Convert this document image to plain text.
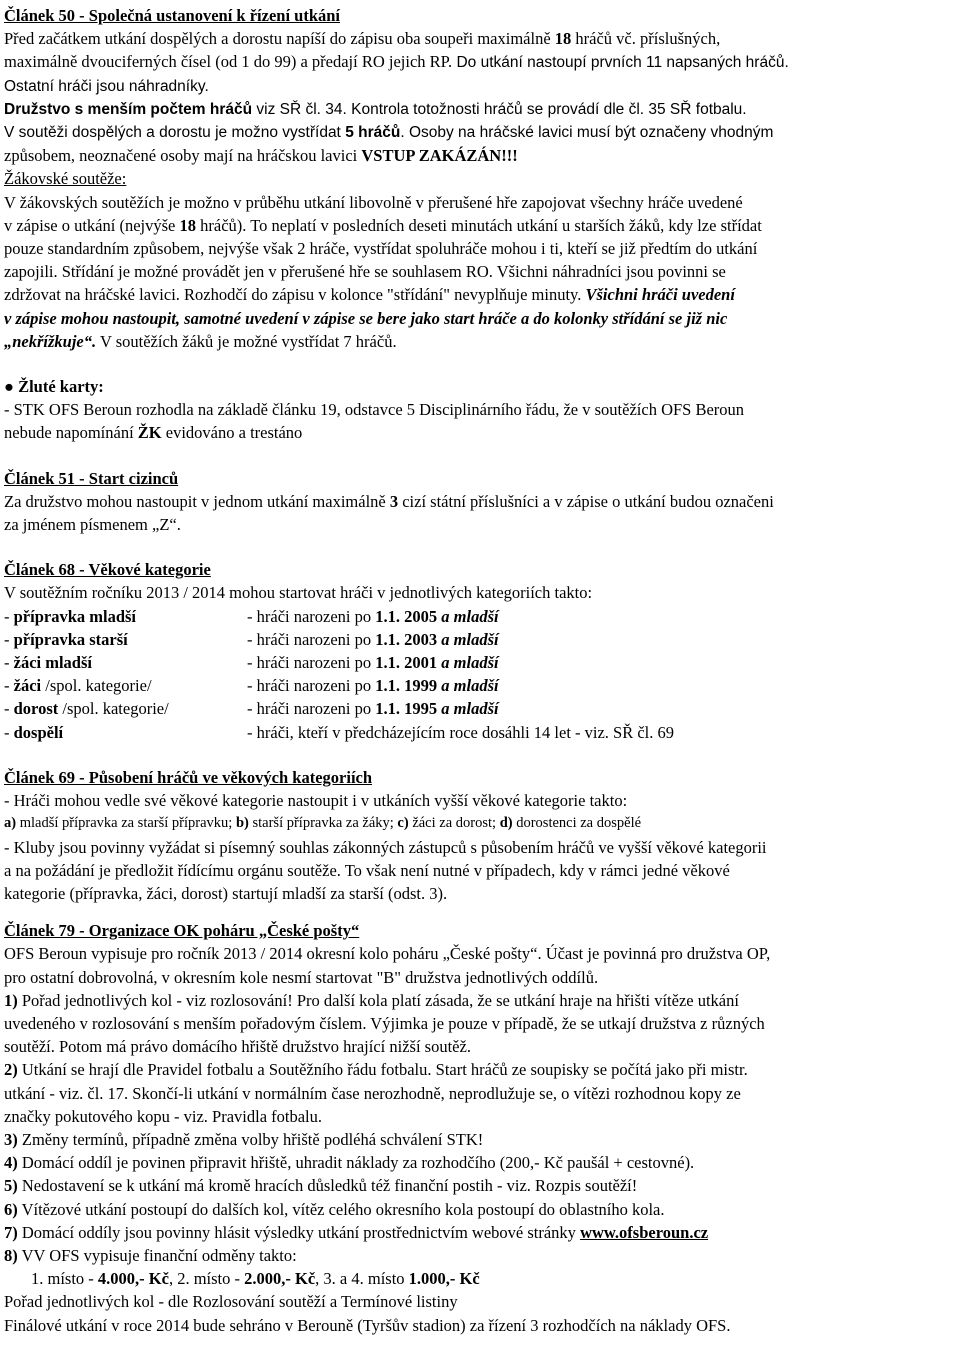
Článek 50 - Společná ustanovení k řízení utkání

Před začátkem utkání dospělých a dorostu napíší do zápisu oba soupeři maximálně 18 hráčů vč. příslušných,

maximálně dvouciferných čísel (od 1 do 99) a předají RO jejich RP. Do utkání nastoupí prvních 11 napsaných hráčů.

Ostatní hráči jsou náhradníky.

Družstvo s menším počtem hráčů viz SŘ čl. 34. Kontrola totožnosti hráčů se provádí dle čl. 35 SŘ fotbalu.

V soutěži dospělých a dorostu je možno vystřídat 5 hráčů. Osoby na hráčské lavici musí být označeny vhodným

způsobem, neoznačené osoby mají na hráčskou lavici VSTUP ZAKÁZÁN!!!

Žákovské soutěže:

V žákovských soutěžích je možno v průběhu utkání libovolně v přerušené hře zapojovat všechny hráče uvedené

v zápise o utkání (nejvýše 18 hráčů). To neplatí v posledních deseti minutách utkání u starších žáků, kdy lze střídat

pouze standardním způsobem, nejvýše však 2 hráče, vystřídat spoluhráče mohou i ti, kteří se již předtím do utkání

zapojili. Střídání je možné provádět jen v přerušené hře se souhlasem RO. Všichni náhradníci jsou povinni se

zdržovat na hráčské lavici. Rozhodčí do zápisu v kolonce "střídání" nevyplňuje minuty. Všichni hráči uvedení

v zápise mohou nastoupit, samotné uvedení v zápise se bere jako start hráče a do kolonky střídání se již nic

„nekřížkuje“. V soutěžích žáků je možné vystřídat 7 hráčů.

● Žluté karty:

- STK OFS Beroun rozhodla na základě článku 19, odstavce 5 Disciplinárního řádu, že v soutěžích OFS Beroun

nebude napomínání ŽK evidováno a trestáno

Článek 51 - Start cizinců

Za družstvo mohou nastoupit v jednom utkání maximálně 3 cizí státní příslušníci a v zápise o utkání budou označeni

za jménem písmenem „Z“.

Článek 68 - Věkové kategorie

V soutěžním ročníku 2013 / 2014 mohou startovat hráči v jednotlivých kategoriích takto:

- přípravka mladší	- hráči narozeni po 1.1. 2005 a mladší
- přípravka starší	- hráči narozeni po 1.1. 2003 a mladší
- žáci mladší	- hráči narozeni po 1.1. 2001 a mladší
- žáci /spol. kategorie/	- hráči narozeni po 1.1. 1999 a mladší
- dorost /spol. kategorie/	- hráči narozeni po 1.1. 1995 a mladší
- dospělí	- hráči, kteří v předcházejícím roce dosáhli 14 let - viz. SŘ čl. 69

Článek 69 - Působení hráčů ve věkových kategoriích

- Hráči mohou vedle své věkové kategorie nastoupit i v utkáních vyšší věkové kategorie takto:

a) mladší přípravka za starší přípravku; b) starší přípravka za žáky; c) žáci za dorost; d) dorostenci za dospělé

- Kluby jsou povinny vyžádat si písemný souhlas zákonných zástupců s působením hráčů ve vyšší věkové kategorii

a na požádání je předložit řídícímu orgánu soutěže. To však není nutné v případech, kdy v rámci jedné věkové

kategorie (přípravka, žáci, dorost) startují mladší za starší (odst. 3).

Článek 79 - Organizace OK poháru „České pošty“

OFS Beroun vypisuje pro ročník 2013 / 2014 okresní kolo poháru „České pošty“. Účast je povinná pro družstva OP,

pro ostatní dobrovolná, v okresním kole nesmí startovat "B" družstva jednotlivých oddílů.

1) Pořad jednotlivých kol - viz rozlosování! Pro další kola platí zásada, že se utkání hraje na hřišti vítěze utkání

uvedeného v rozlosování s menším pořadovým číslem. Výjimka je pouze v případě, že se utkají družstva z různých

soutěží. Potom má právo domácího hřiště družstvo hrající nižší soutěž.

2) Utkání se hrají dle Pravidel fotbalu a Soutěžního řádu fotbalu. Start hráčů ze soupisky se počítá jako při mistr.

utkání - viz. čl. 17. Skončí-li utkání v normálním čase nerozhodně, neprodlužuje se, o vítězi rozhodnou kopy ze

značky pokutového kopu - viz. Pravidla fotbalu.

3) Změny termínů, případně změna volby hřiště podléhá schválení STK!

4) Domácí oddíl je povinen připravit hřiště, uhradit náklady za rozhodčího (200,- Kč paušál + cestovné).

5) Nedostavení se k utkání má kromě hracích důsledků též finanční postih - viz. Rozpis soutěží!

6) Vítězové utkání postoupí do dalších kol, vítěz celého okresního kola postoupí do oblastního kola.

7) Domácí oddíly jsou povinny hlásit výsledky utkání prostřednictvím webové stránky www.ofsberoun.cz

8) VV OFS vypisuje finanční odměny takto:

1. místo - 4.000,- Kč, 2. místo - 2.000,- Kč, 3. a 4. místo 1.000,- Kč

Pořad jednotlivých kol - dle Rozlosování soutěží a Termínové listiny

Finálové utkání v roce 2014 bude sehráno v Berouně (Tyršův stadion) za řízení 3 rozhodčích na náklady OFS.
